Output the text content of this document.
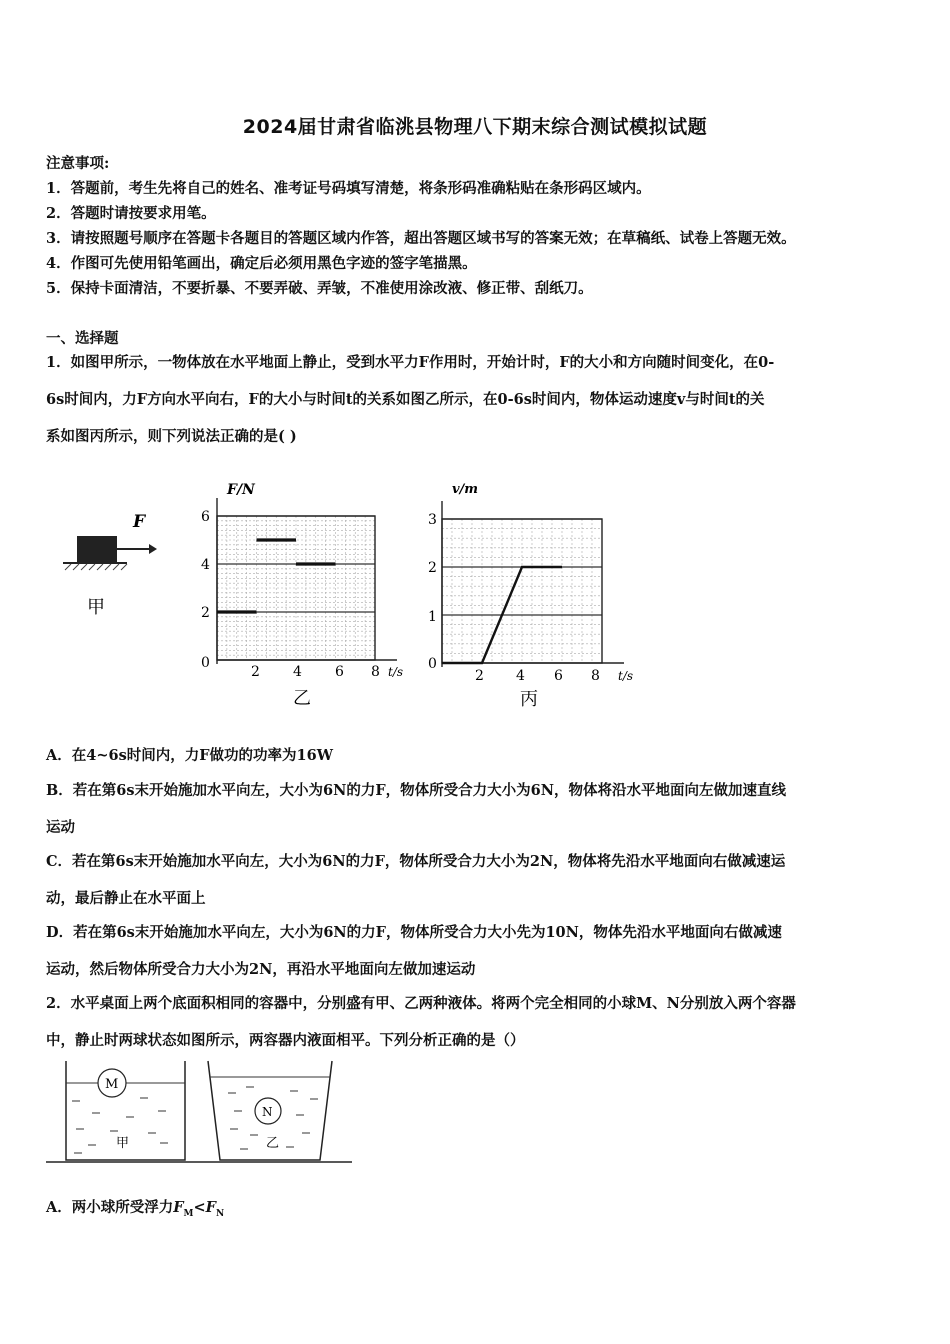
2024届甘肃省临洮县物理八下期末综合测试模拟试题
注意事项:
1．答题前，考生先将自己的姓名、准考证号码填写清楚，将条形码准确粘贴在条形码区域内。
2．答题时请按要求用笔。
3．请按照题号顺序在答题卡各题目的答题区域内作答，超出答题区域书写的答案无效；在草稿纸、试卷上答题无效。
4．作图可先使用铅笔画出，确定后必须用黑色字迹的签字笔描黑。
5．保持卡面清洁，不要折暴、不要弄破、弄皱，不准使用涂改液、修正带、刮纸刀。
一、选择题
1．如图甲所示，一物体放在水平地面上静止，受到水平力F作用时，开始计时，F的大小和方向随时间变化，在0-
6s时间内，力F方向水平向右，F的大小与时间t的关系如图乙所示，在0-6s时间内，物体运动速度v与时间t的关
系如图丙所示，则下列说法正确的是( )
F
甲
F/N
6
4
2
0
2 4 6 8 t/s
乙
v/m
3
2
1
0
2 4 6 8 t/s
丙
A．在4~6s时间内，力F做功的功率为16W
B．若在第6s末开始施加水平向左，大小为6N的力F，物体所受合力大小为6N，物体将沿水平地面向左做加速直线
运动
C．若在第6s末开始施加水平向左，大小为6N的力F，物体所受合力大小为2N，物体将先沿水平地面向右做减速运
动，最后静止在水平面上
D．若在第6s末开始施加水平向左，大小为6N的力F，物体所受合力大小先为10N，物体先沿水平地面向右做减速
运动，然后物体所受合力大小为2N，再沿水平地面向左做加速运动
2．水平桌面上两个底面积相同的容器中，分别盛有甲、乙两种液体。将两个完全相同的小球M、N分别放入两个容器
中，静止时两球状态如图所示，两容器内液面相平。下列分析正确的是（）
M
甲
N
乙
A．两小球所受浮力$F_M<F_N$
